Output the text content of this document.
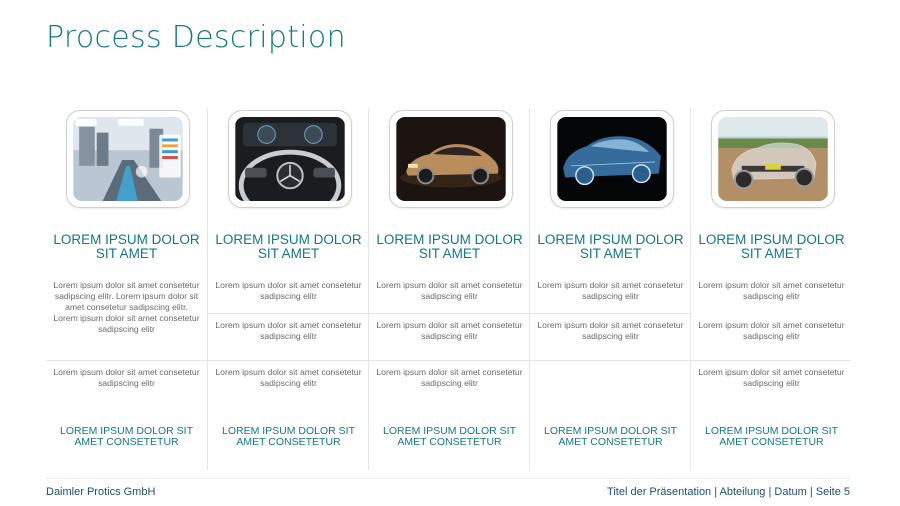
Process Description
LOREM IPSUM DOLOR SIT AMET
Lorem ipsum dolor sit amet consetetur sadipscing elitr. Lorem ipsum dolor sit amet consetetur sadipscing elitr. Lorem ipsum dolor sit amet consetetur sadipscing elitr
Lorem ipsum dolor sit amet consetetur sadipscing elitr
LOREM IPSUM DOLOR SIT AMET CONSETETUR
LOREM IPSUM DOLOR SIT AMET
Lorem ipsum dolor sit amet consetetur sadipscing elitr
Lorem ipsum dolor sit amet consetetur sadipscing elitr
Lorem ipsum dolor sit amet consetetur sadipscing elitr
LOREM IPSUM DOLOR SIT AMET CONSETETUR
LOREM IPSUM DOLOR SIT AMET
Lorem ipsum dolor sit amet consetetur sadipscing elitr
Lorem ipsum dolor sit amet consetetur sadipscing elitr
Lorem ipsum dolor sit amet consetetur sadipscing elitr
LOREM IPSUM DOLOR SIT AMET CONSETETUR
LOREM IPSUM DOLOR SIT AMET
Lorem ipsum dolor sit amet consetetur sadipscing elitr
Lorem ipsum dolor sit amet consetetur sadipscing elitr
LOREM IPSUM DOLOR SIT AMET CONSETETUR
LOREM IPSUM DOLOR SIT AMET
Lorem ipsum dolor sit amet consetetur sadipscing elitr
Lorem ipsum dolor sit amet consetetur sadipscing elitr
Lorem ipsum dolor sit amet consetetur sadipscing elitr
LOREM IPSUM DOLOR SIT AMET CONSETETUR
Daimler Protics GmbH	Titel der Präsentation | Abteilung | Datum | Seite 5
